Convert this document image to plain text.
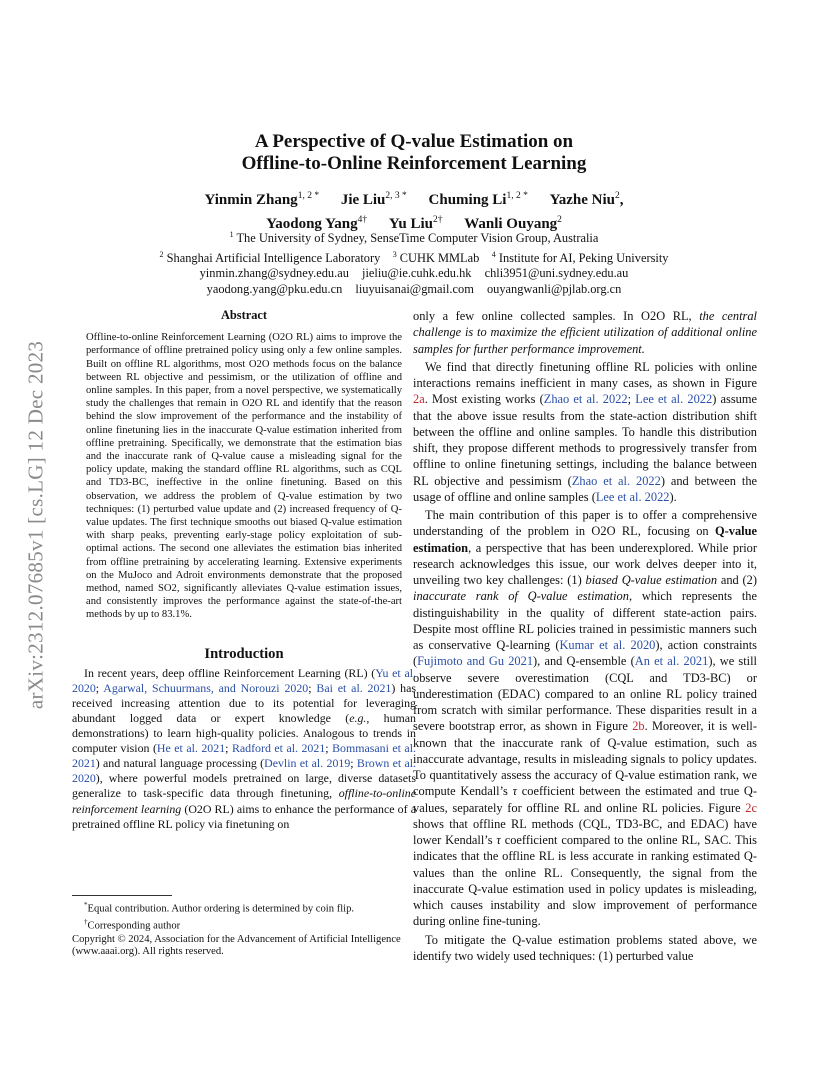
arXiv:2312.07685v1 [cs.LG] 12 Dec 2023
A Perspective of Q-value Estimation on
Offline-to-Online Reinforcement Learning
Yinmin Zhang$^{1, 2 *}$ Jie Liu$^{2, 3 *}$ Chuming $Li^{1, 2 *}$ Yazhe Niu$^2$,
Yaodong Yang$^{4\dagger}$ Yu Liu$^{2\dagger}$ Wanli Ouyang$^2$
$^1$ The University of Sydney, SenseTime Computer Vision Group, Australia
$^2$ Shanghai Artificial Intelligence Laboratory $^3$ CUHK MMLab $^4$ Institute for AI, Peking University
yinmin.zhang@sydney.edu.au jieliu@ie.cuhk.edu.hk chli3951@uni.sydney.edu.au
yaodong.yang@pku.edu.cn liuyuisanai@gmail.com ouyangwanli@pjlab.org.cn
Abstract

Offline-to-online Reinforcement Learning (O2O RL) aims to improve the performance of offline pretrained policy using only a few online samples. Built on offline RL algorithms, most O2O methods focus on the balance between RL objective and pessimism, or the utilization of offline and online samples. In this paper, from a novel perspective, we systematically study the challenges that remain in O2O RL and identify that the reason behind the slow improvement of the performance and the instability of online finetuning lies in the inaccurate Q-value estimation inherited from offline pretraining. Specifically, we demonstrate that the estimation bias and the inaccurate rank of Q-value cause a misleading signal for the policy update, making the standard offline RL algorithms, such as CQL and TD3-BC, ineffective in the online finetuning. Based on this observation, we address the problem of Q-value estimation by two techniques: (1) perturbed value update and (2) increased frequency of Q-value updates. The first technique smooths out biased Q-value estimation with sharp peaks, preventing early-stage policy exploitation of sub-optimal actions. The second one alleviates the estimation bias inherited from offline pretraining by accelerating learning. Extensive experiments on the MuJoco and Adroit environments demonstrate that the proposed method, named SO2, significantly alleviates Q-value estimation issues, and consistently improves the performance against the state-of-the-art methods by up to 83.1%.

Introduction

In recent years, deep offline Reinforcement Learning (RL) (Yu et al. 2020; Agarwal, Schuurmans, and Norouzi 2020; Bai et al. 2021) has received increasing attention due to its potential for leveraging abundant logged data or expert knowledge (e.g., human demonstrations) to learn high-quality policies. Analogous to trends in computer vision (He et al. 2021; Radford et al. 2021; Bommasani et al. 2021) and natural language processing (Devlin et al. 2019; Brown et al. 2020), where powerful models pretrained on large, diverse datasets generalize to task-specific data through finetuning, offline-to-online reinforcement learning (O2O RL) aims to enhance the performance of a pretrained offline RL policy via finetuning on

*Equal contribution. Author ordering is determined by coin flip.
†Corresponding author
Copyright © 2024, Association for the Advancement of Artificial Intelligence (www.aaai.org). All rights reserved.

only a few online collected samples. In O2O RL, the central challenge is to maximize the efficient utilization of additional online samples for further performance improvement.

We find that directly finetuning offline RL policies with online interactions remains inefficient in many cases, as shown in Figure 2a. Most existing works (Zhao et al. 2022; Lee et al. 2022) assume that the above issue results from the state-action distribution shift between the offline and online samples. To handle this distribution shift, they propose different methods to progressively transfer from offline to online finetuning settings, including the balance between RL objective and pessimism (Zhao et al. 2022) and between the usage of offline and online samples (Lee et al. 2022).

The main contribution of this paper is to offer a comprehensive understanding of the problem in O2O RL, focusing on Q-value estimation, a perspective that has been underexplored. While prior research acknowledges this issue, our work delves deeper into it, unveiling two key challenges: (1) biased Q-value estimation and (2) inaccurate rank of Q-value estimation, which represents the distinguishability in the quality of different state-action pairs. Despite most offline RL policies trained in pessimistic manners such as conservative Q-learning (Kumar et al. 2020), action constraints (Fujimoto and Gu 2021), and Q-ensemble (An et al. 2021), we still observe severe overestimation (CQL and TD3-BC) or underestimation (EDAC) compared to an online RL policy trained from scratch with similar performance. These disparities result in a severe bootstrap error, as shown in Figure 2b. Moreover, it is well-known that the inaccurate rank of Q-value estimation, such as inaccurate advantage, results in misleading signals to policy updates. To quantitatively assess the accuracy of Q-value estimation rank, we compute Kendall’s τ coefficient between the estimated and true Q-values, separately for offline RL and online RL policies. Figure 2c shows that offline RL methods (CQL, TD3-BC, and EDAC) have lower Kendall’s τ coefficient compared to the online RL, SAC. This indicates that the offline RL is less accurate in ranking estimated Q-values than the online RL. Consequently, the signal from the inaccurate Q-value estimation used in policy updates is misleading, which causes instability and slow improvement of performance during online fine-tuning.

To mitigate the Q-value estimation problems stated above, we identify two widely used techniques: (1) perturbed value
